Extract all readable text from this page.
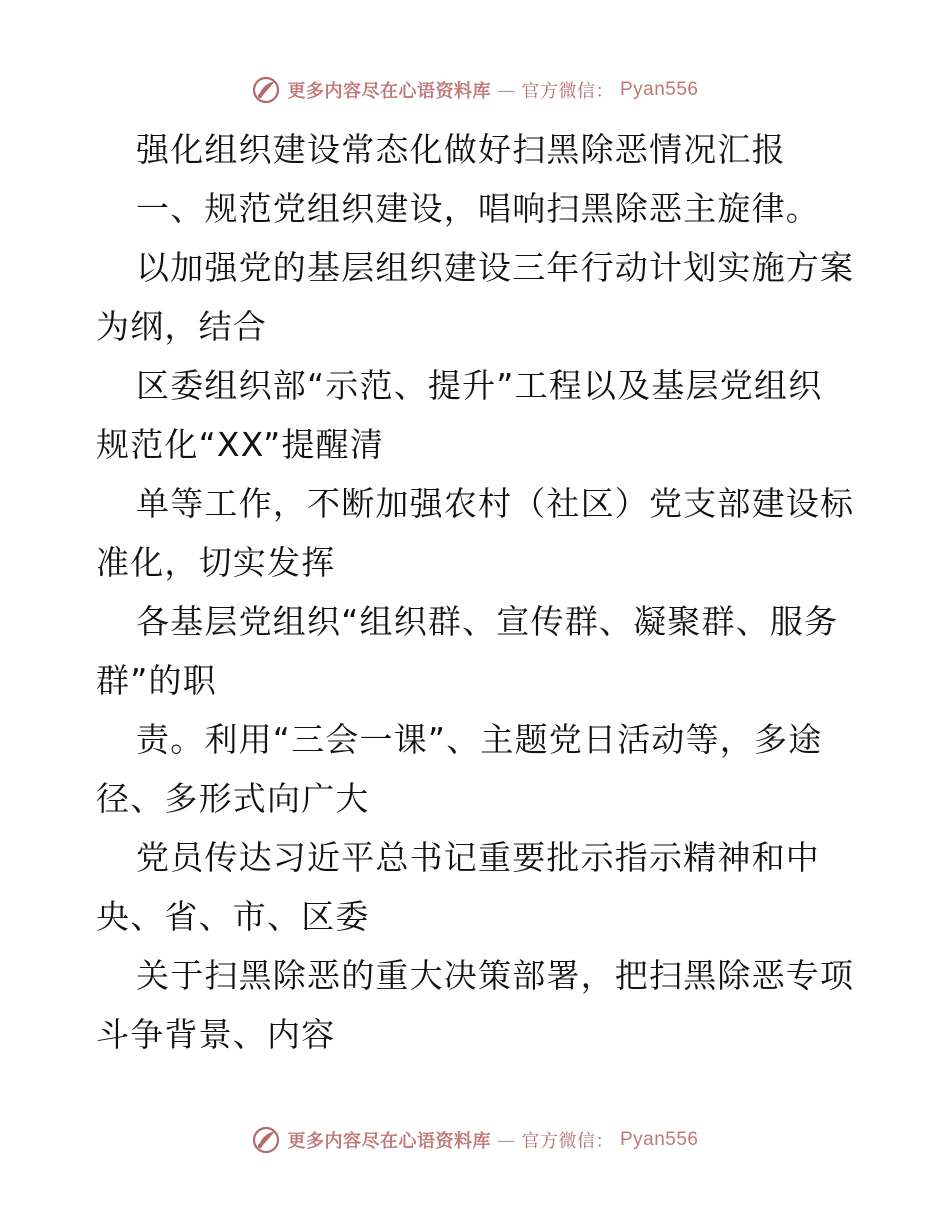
更多内容尽在心语资料库 — 官方微信： Pyan556
强化组织建设常态化做好扫黑除恶情况汇报
一、规范党组织建设，唱响扫黑除恶主旋律。
以加强党的基层组织建设三年行动计划实施方案
为纲，结合
区委组织部“示范、提升”工程以及基层党组织
规范化“XX”提醒清
单等工作，不断加强农村（社区）党支部建设标
准化，切实发挥
各基层党组织“组织群、宣传群、凝聚群、服务
群”的职
责。利用“三会一课”、主题党日活动等，多途
径、多形式向广大
党员传达习近平总书记重要批示指示精神和中
央、省、市、区委
关于扫黑除恶的重大决策部署，把扫黑除恶专项
斗争背景、内容
更多内容尽在心语资料库 — 官方微信： Pyan556
